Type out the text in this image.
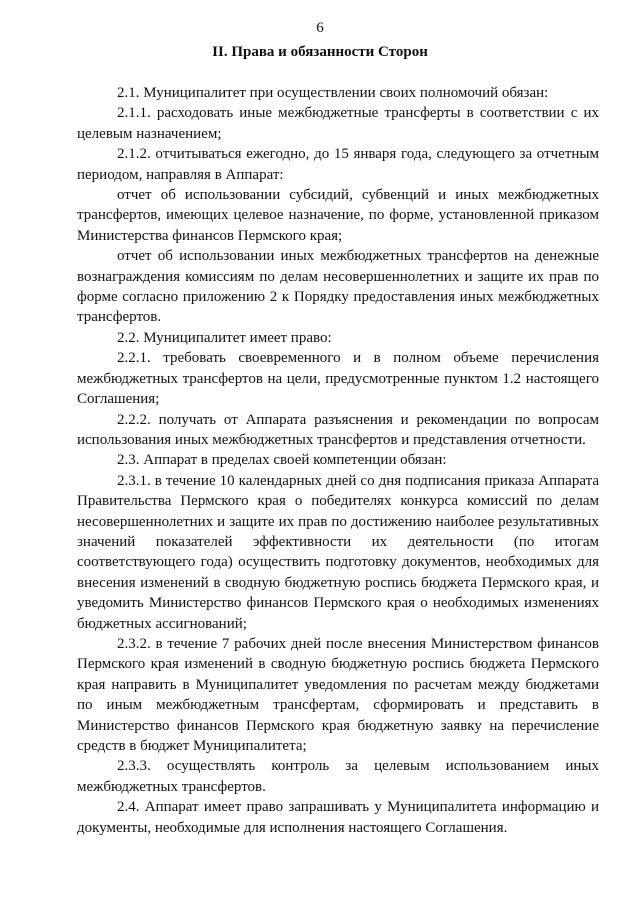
6
II. Права и обязанности Сторон

2.1. Муниципалитет при осуществлении своих полномочий обязан:

2.1.1. расходовать иные межбюджетные трансферты в соответствии с их целевым назначением;

2.1.2. отчитываться ежегодно, до 15 января года, следующего за отчетным периодом, направляя в Аппарат:

отчет об использовании субсидий, субвенций и иных межбюджетных трансфертов, имеющих целевое назначение, по форме, установленной приказом Министерства финансов Пермского края;

отчет об использовании иных межбюджетных трансфертов на денежные вознаграждения комиссиям по делам несовершеннолетних и защите их прав по форме согласно приложению 2 к Порядку предоставления иных межбюджетных трансфертов.

2.2. Муниципалитет имеет право:

2.2.1. требовать своевременного и в полном объеме перечисления межбюджетных трансфертов на цели, предусмотренные пунктом 1.2 настоящего Соглашения;

2.2.2. получать от Аппарата разъяснения и рекомендации по вопросам использования иных межбюджетных трансфертов и представления отчетности.

2.3. Аппарат в пределах своей компетенции обязан:

2.3.1. в течение 10 календарных дней со дня подписания приказа Аппарата Правительства Пермского края о победителях конкурса комиссий по делам несовершеннолетних и защите их прав по достижению наиболее результативных значений показателей эффективности их деятельности (по итогам соответствующего года) осуществить подготовку документов, необходимых для внесения изменений в сводную бюджетную роспись бюджета Пермского края, и уведомить Министерство финансов Пермского края о необходимых изменениях бюджетных ассигнований;

2.3.2. в течение 7 рабочих дней после внесения Министерством финансов Пермского края изменений в сводную бюджетную роспись бюджета Пермского края направить в Муниципалитет уведомления по расчетам между бюджетами по иным межбюджетным трансфертам, сформировать и представить в Министерство финансов Пермского края бюджетную заявку на перечисление средств в бюджет Муниципалитета;

2.3.3. осуществлять контроль за целевым использованием иных межбюджетных трансфертов.

2.4. Аппарат имеет право запрашивать у Муниципалитета информацию и документы, необходимые для исполнения настоящего Соглашения.
